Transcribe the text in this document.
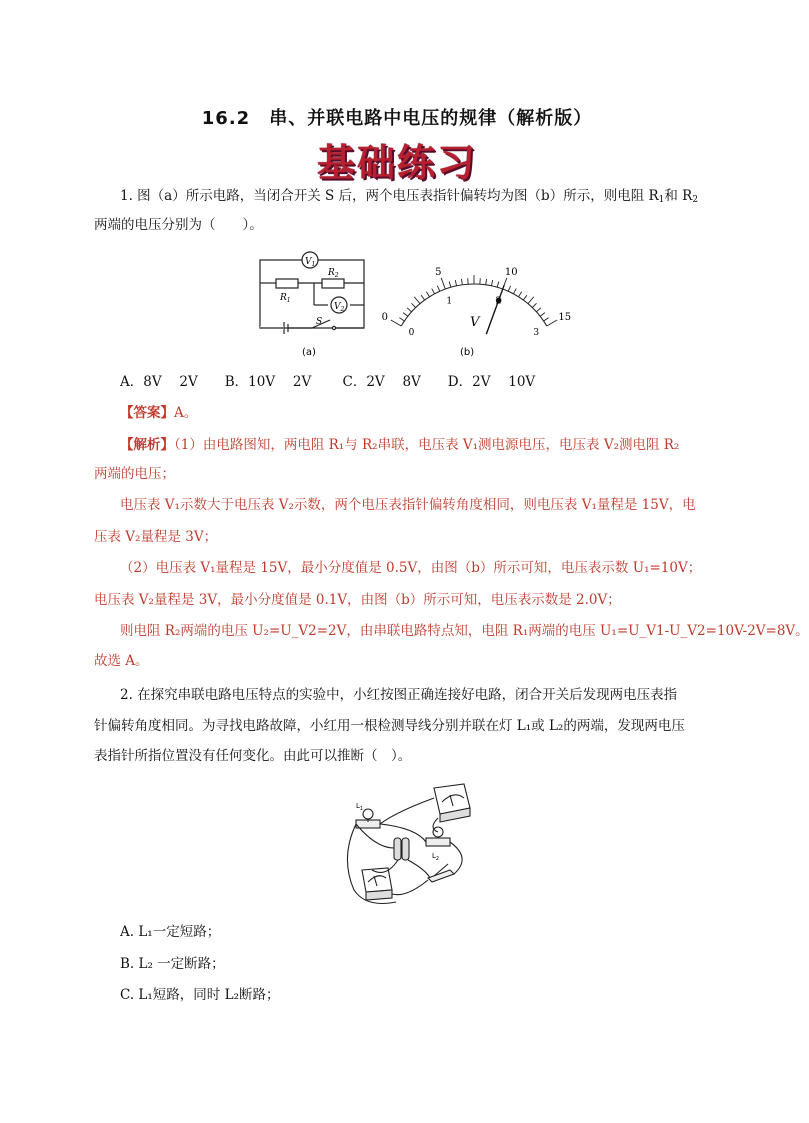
16.2　串、并联电路中电压的规律（解析版）
基础练习
1. 图（a）所示电路，当闭合开关 S 后，两个电压表指针偏转均为图（b）所示，则电阻 $R_1$和 $R_2$
两端的电压分别为（　　）。
$V_1$
$V_2$
$R_1$
$R_2$
S
(a)
0
5	10
15
0
1	2
3
V
(b)
A．8V　 2V　　B．10V　 2V　　 C．2V　 8V　　D．2V　 10V
【答案】A。
【解析】（1）由电路图知，两电阻 R₁与 R₂串联，电压表 V₁测电源电压，电压表 V₂测电阻 R₂
两端的电压；
电压表 V₁示数大于电压表 V₂示数，两个电压表指针偏转角度相同，则电压表 V₁量程是 15V，电
压表 V₂量程是 3V；
（2）电压表 V₁量程是 15V，最小分度值是 0.5V，由图（b）所示可知，电压表示数 U₁=10V；
电压表 V₂量程是 3V，最小分度值是 0.1V，由图（b）所示可知，电压表示数是 2.0V；
则电阻 R₂两端的电压 U₂=U_V2=2V，由串联电路特点知，电阻 R₁两端的电压 U₁=U_V1-U_V2=10V-2V=8V。
故选 A。
2. 在探究串联电路电压特点的实验中，小红按图正确连接好电路，闭合开关后发现两电压表指
针偏转角度相同。为寻找电路故障，小红用一根检测导线分别并联在灯 L₁或 L₂的两端，发现两电压
表指针所指位置没有任何变化。由此可以推断（　）。
$L_1$
$L_2$
A. L₁一定短路；
B. L₂ 一定断路；
C. L₁短路，同时 L₂断路；
